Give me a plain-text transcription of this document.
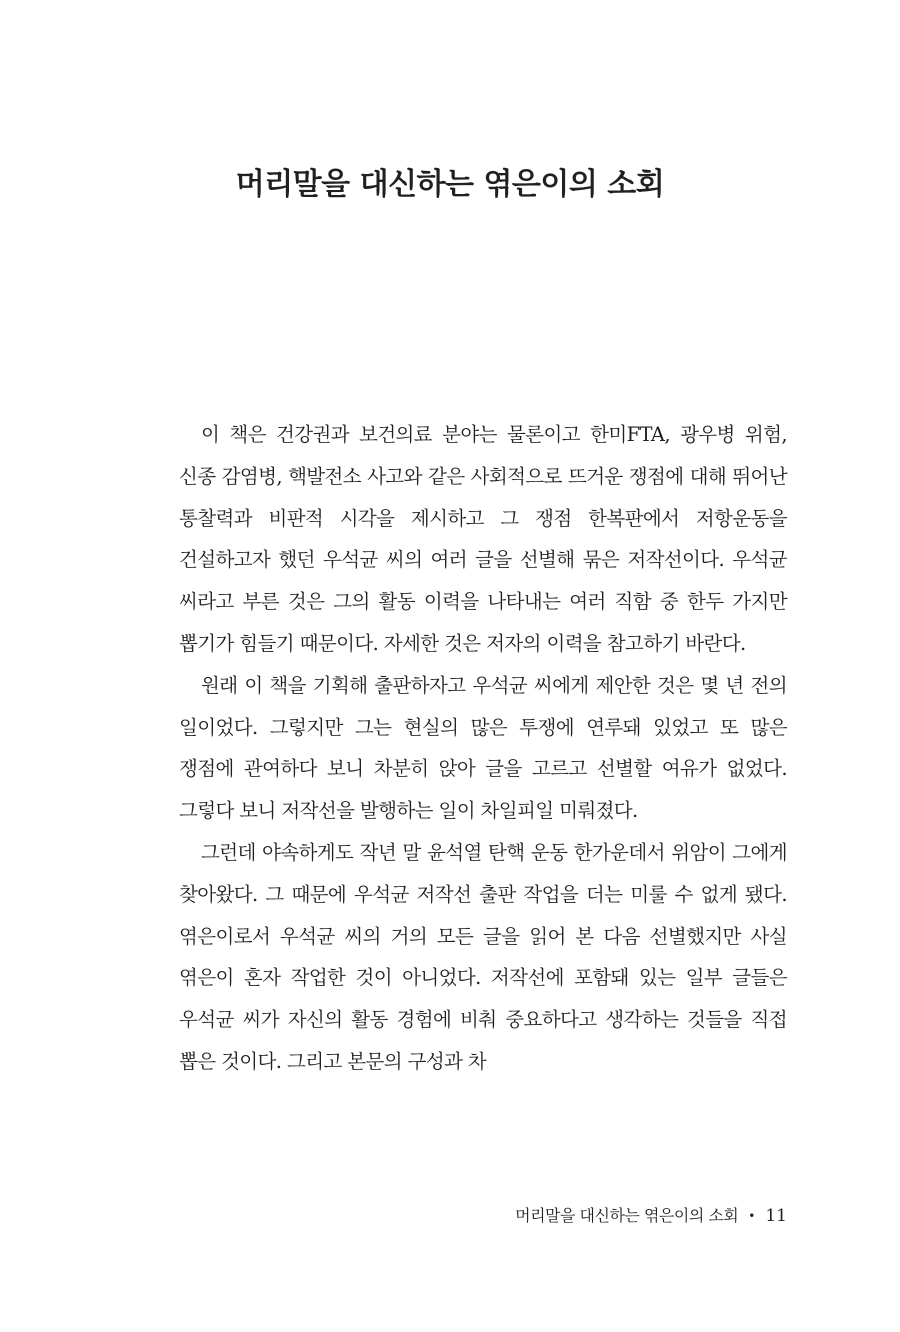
머리말을 대신하는 엮은이의 소회

이 책은 건강권과 보건의료 분야는 물론이고 한미FTA, 광우병 위험, 신종 감염병, 핵발전소 사고와 같은 사회적으로 뜨거운 쟁점에 대해 뛰어난 통찰력과 비판적 시각을 제시하고 그 쟁점 한복판에서 저항운동을 건설하고자 했던 우석균 씨의 여러 글을 선별해 묶은 저작선이다. 우석균 씨라고 부른 것은 그의 활동 이력을 나타내는 여러 직함 중 한두 가지만 뽑기가 힘들기 때문이다. 자세한 것은 저자의 이력을 참고하기 바란다.

원래 이 책을 기획해 출판하자고 우석균 씨에게 제안한 것은 몇 년 전의 일이었다. 그렇지만 그는 현실의 많은 투쟁에 연루돼 있었고 또 많은 쟁점에 관여하다 보니 차분히 앉아 글을 고르고 선별할 여유가 없었다. 그렇다 보니 저작선을 발행하는 일이 차일피일 미뤄졌다.

그런데 야속하게도 작년 말 윤석열 탄핵 운동 한가운데서 위암이 그에게 찾아왔다. 그 때문에 우석균 저작선 출판 작업을 더는 미룰 수 없게 됐다. 엮은이로서 우석균 씨의 거의 모든 글을 읽어 본 다음 선별했지만 사실 엮은이 혼자 작업한 것이 아니었다. 저작선에 포함돼 있는 일부 글들은 우석균 씨가 자신의 활동 경험에 비춰 중요하다고 생각하는 것들을 직접 뽑은 것이다. 그리고 본문의 구성과 차

머리말을 대신하는 엮은이의 소회 • 11
